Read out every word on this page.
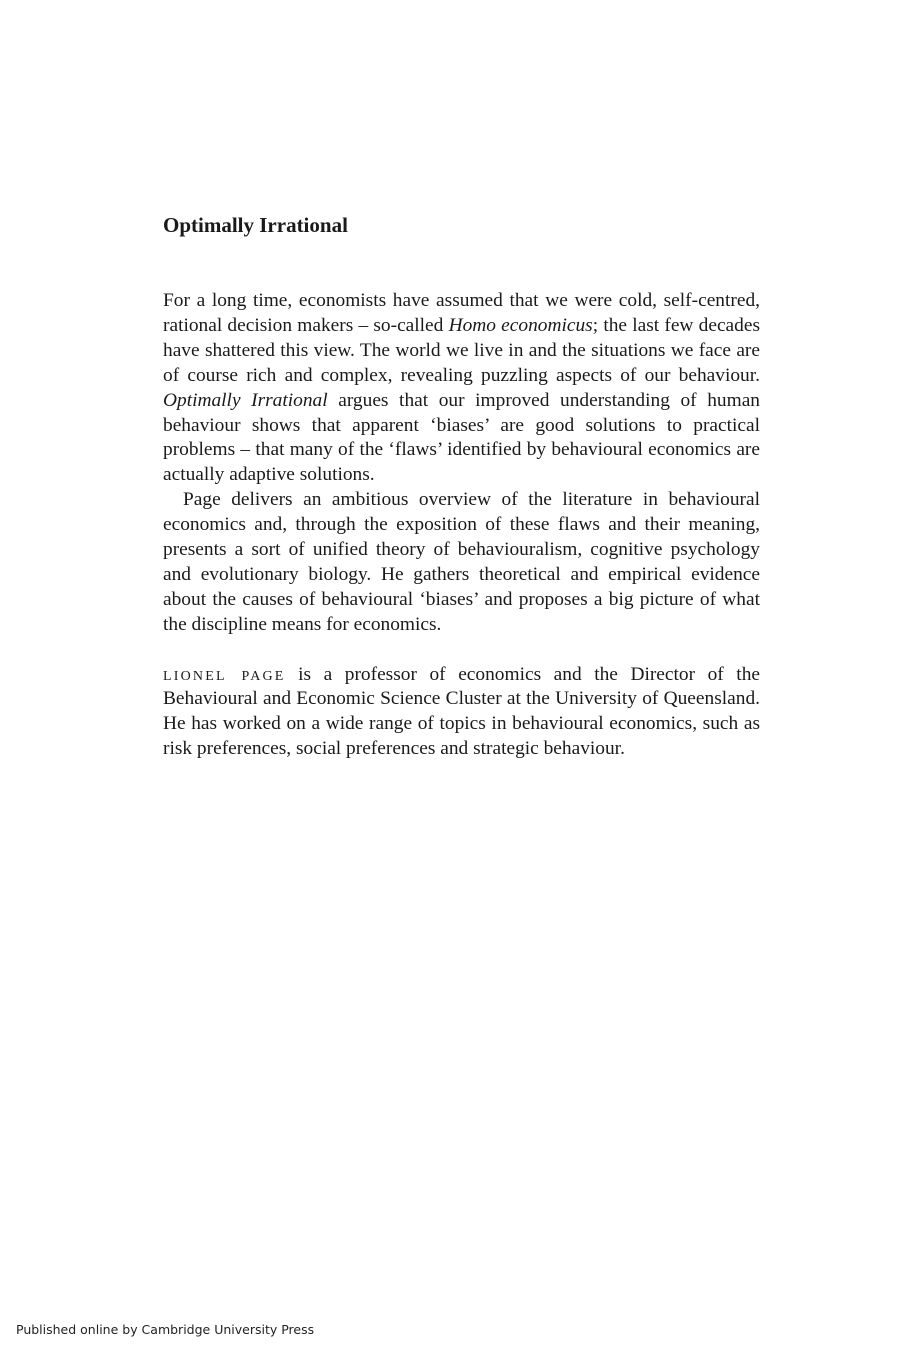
Optimally Irrational

For a long time, economists have assumed that we were cold, self-centred, rational decision makers – so-called Homo economicus; the last few decades have shattered this view. The world we live in and the situations we face are of course rich and complex, revealing puzzling aspects of our behaviour. Optimally Irrational argues that our improved understanding of human behaviour shows that apparent ‘biases’ are good solutions to practical problems – that many of the ‘flaws’ identified by behavioural economics are actually adaptive solutions.

Page delivers an ambitious overview of the literature in behavioural economics and, through the exposition of these flaws and their meaning, presents a sort of unified theory of behaviouralism, cognitive psychology and evolutionary biology. He gathers theoretical and empirical evidence about the causes of behavioural ‘biases’ and proposes a big picture of what the discipline means for economics.

lionel page is a professor of economics and the Director of the Behavioural and Economic Science Cluster at the University of Queensland. He has worked on a wide range of topics in behavioural economics, such as risk preferences, social preferences and strategic behaviour.

Published online by Cambridge University Press
